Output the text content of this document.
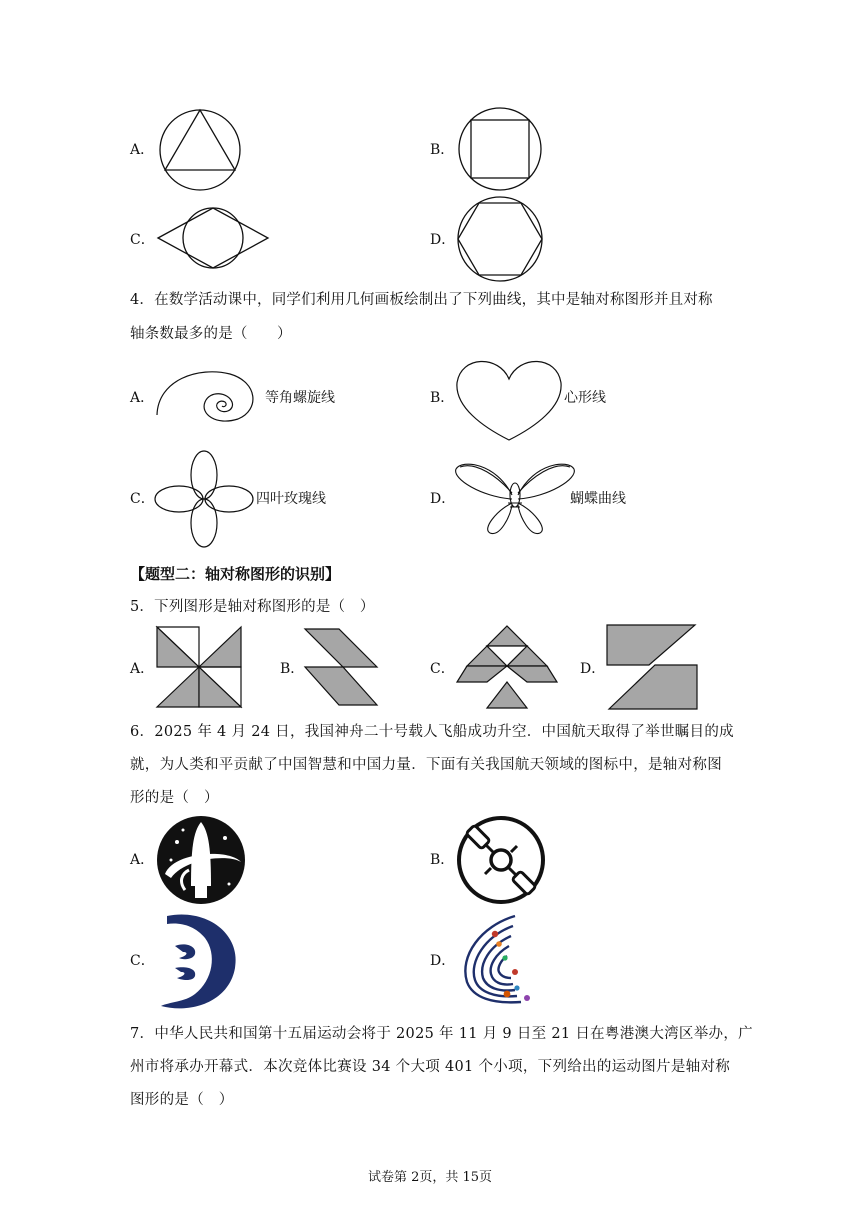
A．	B．
C．	D．
4．在数学活动课中，同学们利用几何画板绘制出了下列曲线，其中是轴对称图形并且对称
轴条数最多的是（　　）
A．	等角螺旋线	B．	心形线
C．	四叶玫瑰线	D．	蝴蝶曲线
【题型二：轴对称图形的识别】
5．下列图形是轴对称图形的是（　）
A．	B．	C．	D．
6．2025 年 4 月 24 日，我国神舟二十号载人飞船成功升空．中国航天取得了举世瞩目的成
就，为人类和平贡献了中国智慧和中国力量．下面有关我国航天领域的图标中，是轴对称图
形的是（　）
A．	B．
C．	D．
7．中华人民共和国第十五届运动会将于 2025 年 11 月 9 日至 21 日在粤港澳大湾区举办，广
州市将承办开幕式．本次竞体比赛设 34 个大项 401 个小项，下列给出的运动图片是轴对称
图形的是（　）
试卷第 2页，共 15页
